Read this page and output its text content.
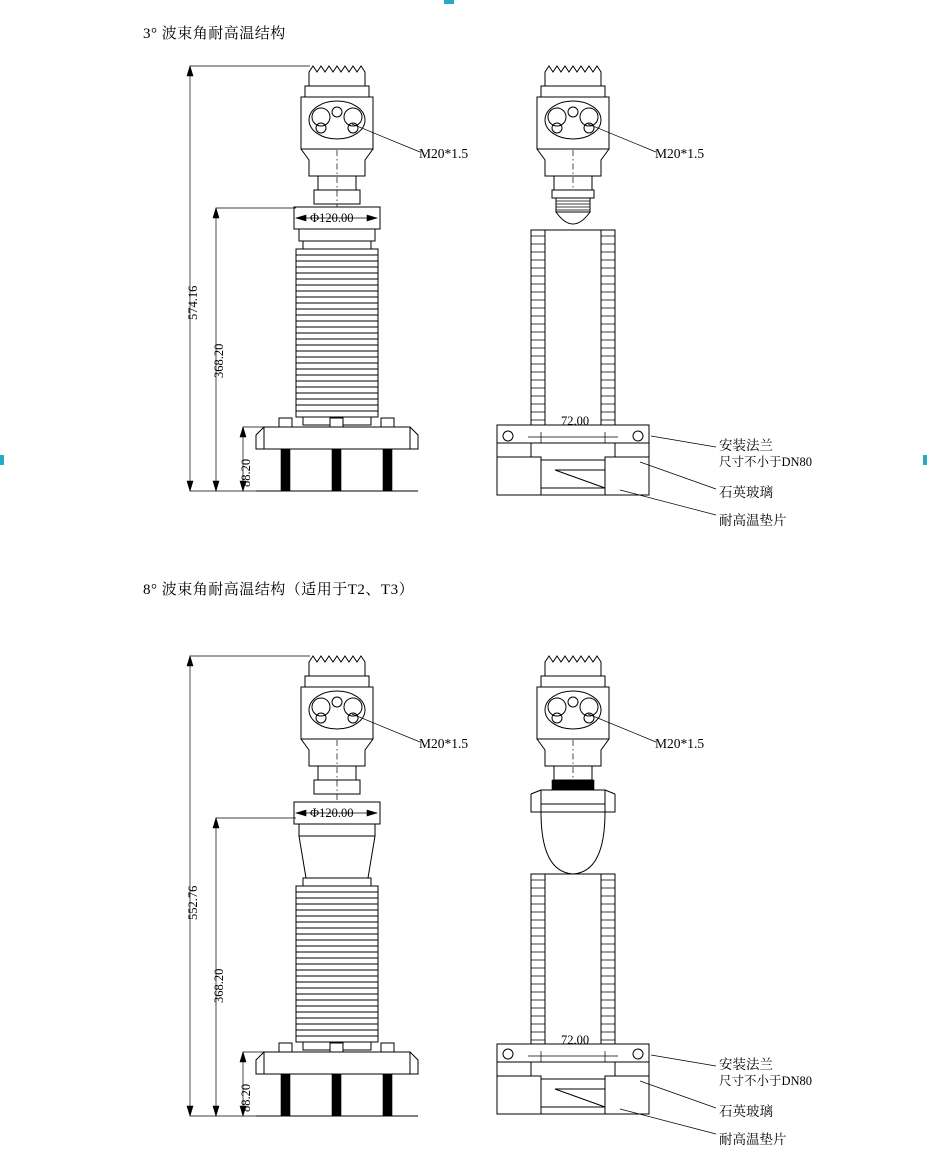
3° 波束角耐高温结构
M20*1.5
Φ120.00
574.16
368.20
88.20
M20*1.5
72.00
安装法兰
尺寸不小于DN80
石英玻璃
耐高温垫片
8° 波束角耐高温结构（适用于T2、T3）
M20*1.5
Φ120.00
552.76
368.20
88.20
M20*1.5
72.00
安装法兰
尺寸不小于DN80
石英玻璃
耐高温垫片
